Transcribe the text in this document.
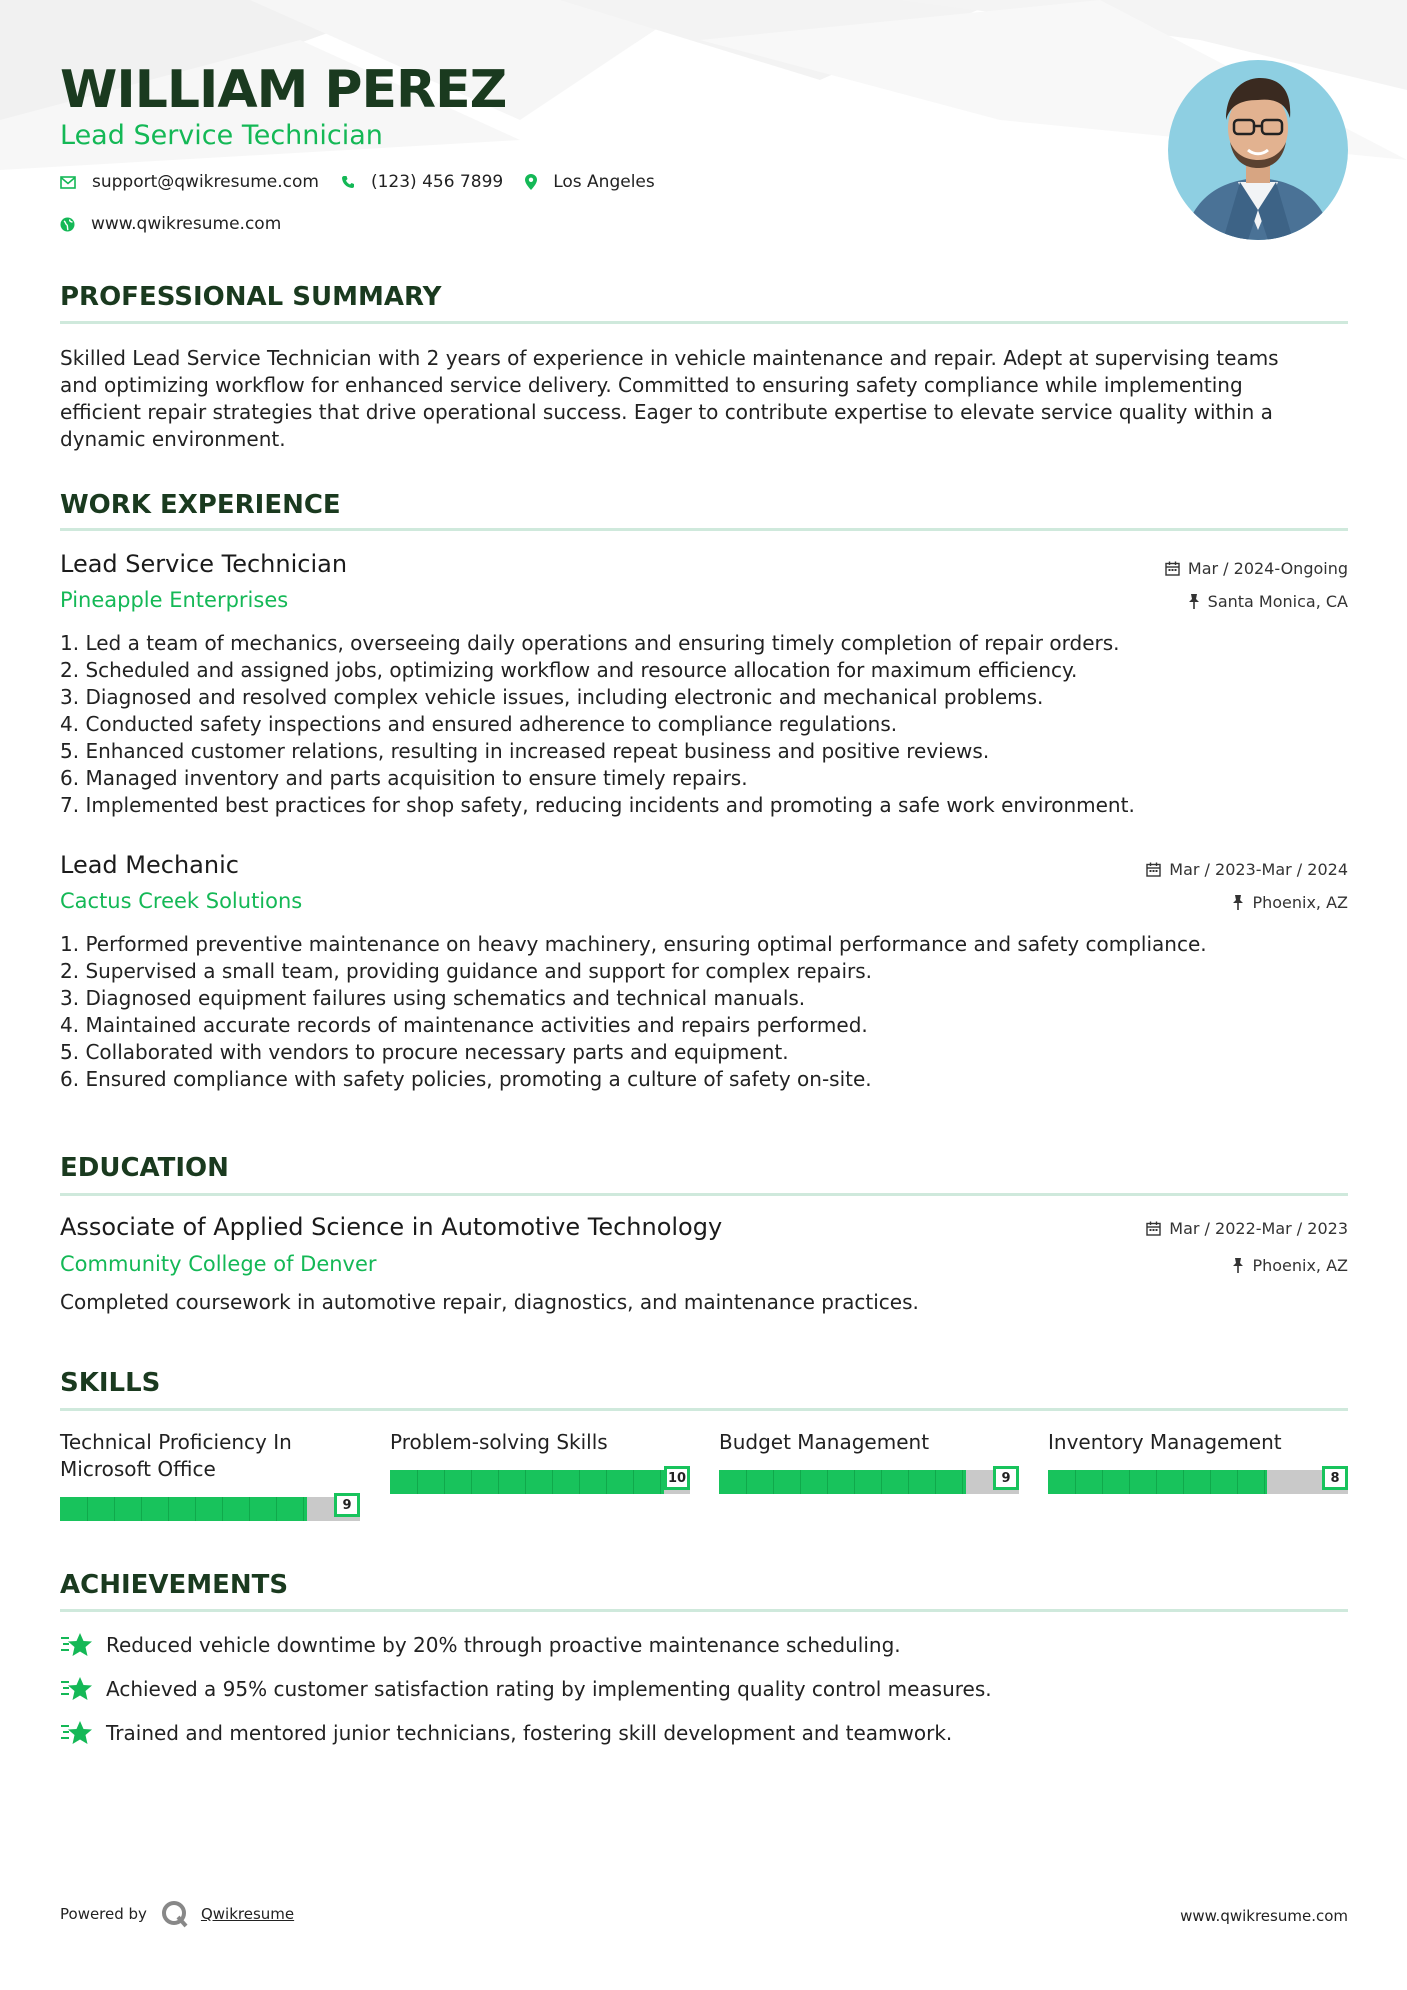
WILLIAM PEREZ
Lead Service Technician
support@qwikresume.com	(123) 456 7899	Los Angeles
www.qwikresume.com
PROFESSIONAL SUMMARY

Skilled Lead Service Technician with 2 years of experience in vehicle maintenance and repair. Adept at supervising teams
and optimizing workflow for enhanced service delivery. Committed to ensuring safety compliance while implementing
efficient repair strategies that drive operational success. Eager to contribute expertise to elevate service quality within a
dynamic environment.

WORK EXPERIENCE
Lead Service Technician
Pineapple Enterprises
Mar / 2024-Ongoing
Santa Monica, CA
1. Led a team of mechanics, overseeing daily operations and ensuring timely completion of repair orders.
2. Scheduled and assigned jobs, optimizing workflow and resource allocation for maximum efficiency.
3. Diagnosed and resolved complex vehicle issues, including electronic and mechanical problems.
4. Conducted safety inspections and ensured adherence to compliance regulations.
5. Enhanced customer relations, resulting in increased repeat business and positive reviews.
6. Managed inventory and parts acquisition to ensure timely repairs.
7. Implemented best practices for shop safety, reducing incidents and promoting a safe work environment.
Lead Mechanic
Cactus Creek Solutions
Mar / 2023-Mar / 2024
Phoenix, AZ
1. Performed preventive maintenance on heavy machinery, ensuring optimal performance and safety compliance.
2. Supervised a small team, providing guidance and support for complex repairs.
3. Diagnosed equipment failures using schematics and technical manuals.
4. Maintained accurate records of maintenance activities and repairs performed.
5. Collaborated with vendors to procure necessary parts and equipment.
6. Ensured compliance with safety policies, promoting a culture of safety on-site.
EDUCATION
Associate of Applied Science in Automotive Technology
Community College of Denver
Mar / 2022-Mar / 2023
Phoenix, AZ

Completed coursework in automotive repair, diagnostics, and maintenance practices.

SKILLS
Technical Proficiency In
Microsoft Office
9
Problem-solving Skills
10
Budget Management
9
Inventory Management
8
ACHIEVEMENTS
Reduced vehicle downtime by 20% through proactive maintenance scheduling.
Achieved a 95% customer satisfaction rating by implementing quality control measures.
Trained and mentored junior technicians, fostering skill development and teamwork.
Powered by	Qwikresume	www.qwikresume.com
